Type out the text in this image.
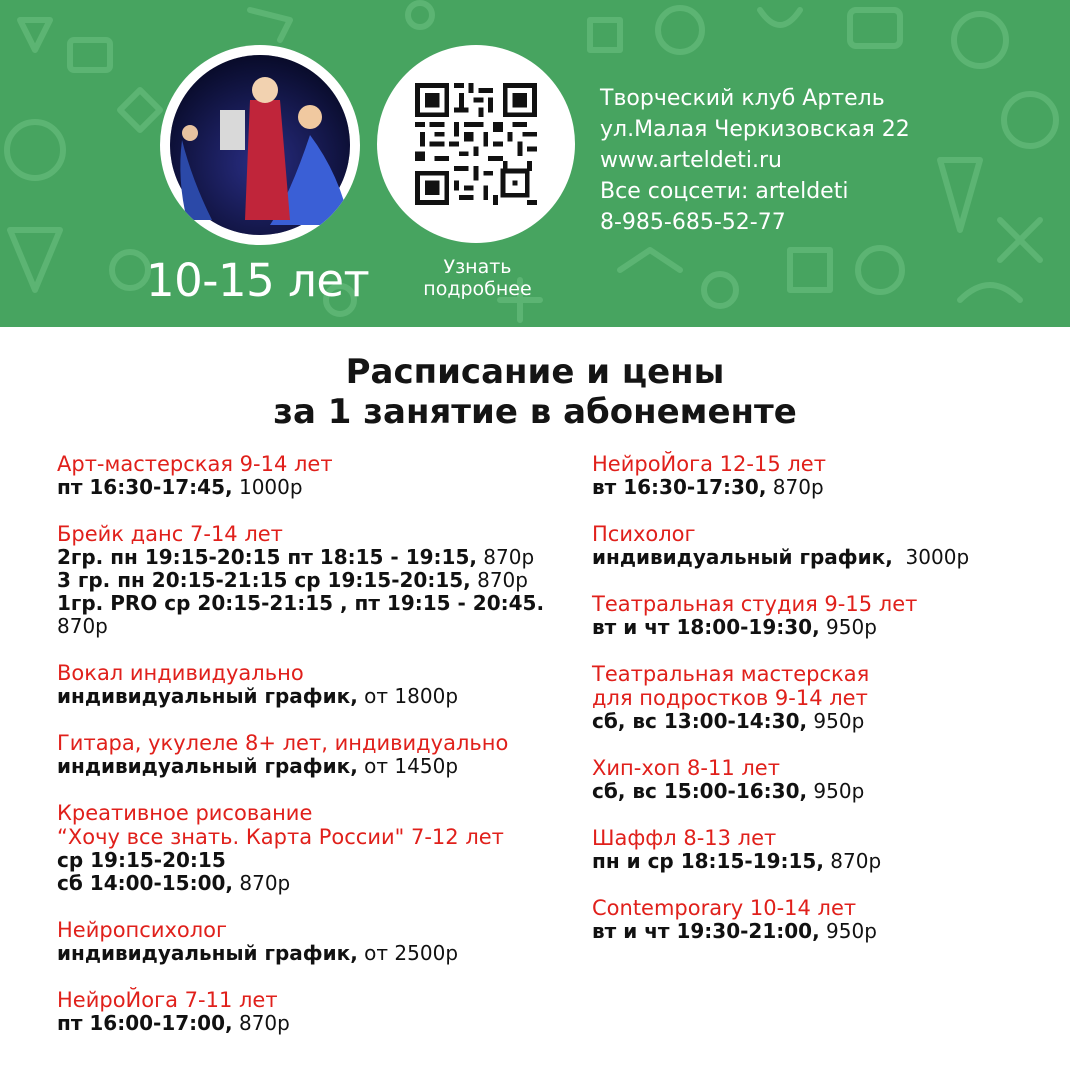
10-15 лет	Узнать
подробнее
Творческий клуб Артель
ул.Малая Черкизовская 22
www.arteldeti.ru
Все соцсети: arteldeti
8-985-685-52-77
Расписание и цены
за 1 занятие в абонементе
Арт-мастерская 9-14 лет
пт 16:30-17:45, 1000р
Брейк данс 7-14 лет
2гр. пн 19:15-20:15 пт 18:15 - 19:15, 870р
3 гр. пн 20:15-21:15 ср 19:15-20:15, 870р
1гр. PRO ср 20:15-21:15 , пт 19:15 - 20:45.
870р
Вокал индивидуально
индивидуальный график, от 1800р
Гитара, укулеле 8+ лет, индивидуально
индивидуальный график, от 1450р
Креативное рисование
“Хочу все знать. Карта России" 7-12 лет
ср 19:15-20:15
сб 14:00-15:00, 870р
Нейропсихолог
индивидуальный график, от 2500р
НейроЙога 7-11 лет
пт 16:00-17:00, 870р
НейроЙога 12-15 лет
вт 16:30-17:30, 870р
Психолог
индивидуальный график,  3000р
Театральная студия 9-15 лет
вт и чт 18:00-19:30, 950р
Театральная мастерская
для подростков 9-14 лет
сб, вс 13:00-14:30, 950р
Хип-хоп 8-11 лет
сб, вс 15:00-16:30, 950р
Шаффл 8-13 лет
пн и ср 18:15-19:15, 870р
Contemporary 10-14 лет
вт и чт 19:30-21:00, 950р
